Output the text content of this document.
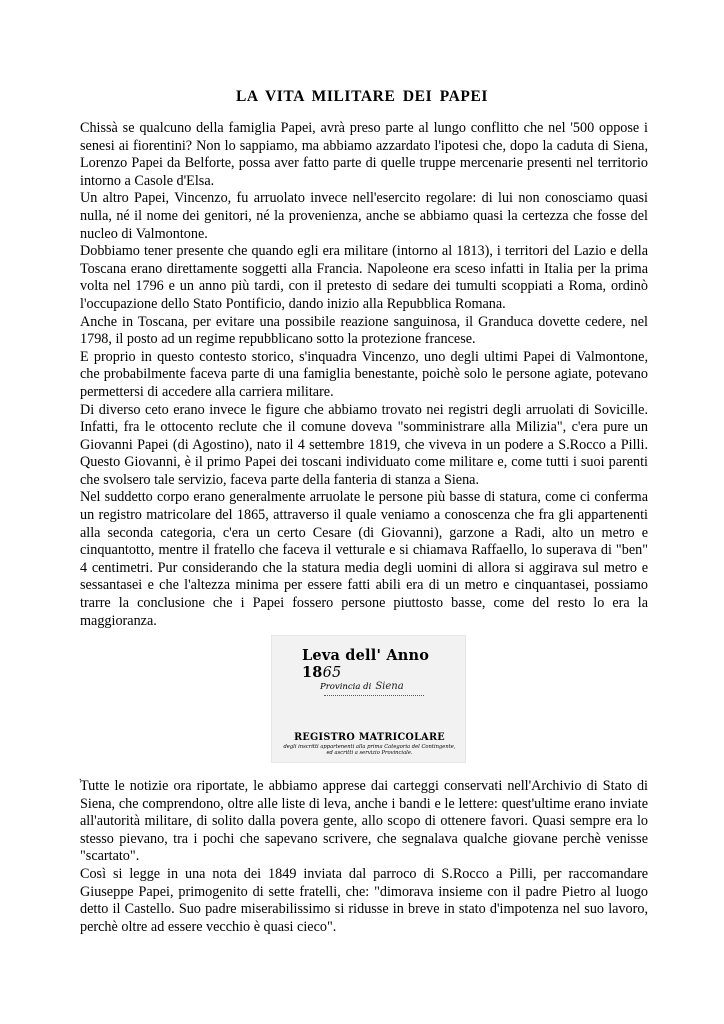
LA VITA MILITARE DEI PAPEI

Chissà se qualcuno della famiglia Papei, avrà preso parte al lungo conflitto che nel '500 oppose i senesi ai fiorentini? Non lo sappiamo, ma abbiamo azzardato l'ipotesi che, dopo la caduta di Siena, Lorenzo Papei da Belforte, possa aver fatto parte di quelle truppe mercenarie presenti nel territorio intorno a Casole d'Elsa.

Un altro Papei, Vincenzo, fu arruolato invece nell'esercito regolare: di lui non conosciamo quasi nulla, né il nome dei genitori, né la provenienza, anche se abbiamo quasi la certezza che fosse del nucleo di Valmontone.

Dobbiamo tener presente che quando egli era militare (intorno al 1813), i territori del Lazio e della Toscana erano direttamente soggetti alla Francia. Napoleone era sceso infatti in Italia per la prima volta nel 1796 e un anno più tardi, con il pretesto di sedare dei tumulti scoppiati a Roma, ordinò l'occupazione dello Stato Pontificio, dando inizio alla Repubblica Romana.

Anche in Toscana, per evitare una possibile reazione sanguinosa, il Granduca dovette cedere, nel 1798, il posto ad un regime repubblicano sotto la protezione francese.

E proprio in questo contesto storico, s'inquadra Vincenzo, uno degli ultimi Papei di Valmontone, che probabilmente faceva parte di una famiglia benestante, poichè solo le persone agiate, potevano permettersi di accedere alla carriera militare.

Di diverso ceto erano invece le figure che abbiamo trovato nei registri degli arruolati di Sovicille. Infatti, fra le ottocento reclute che il comune doveva "somministrare alla Milizia", c'era pure un Giovanni Papei (di Agostino), nato il 4 settembre 1819, che viveva in un podere a S.Rocco a Pilli. Questo Giovanni, è il primo Papei dei toscani individuato come militare e, come tutti i suoi parenti che svolsero tale servizio, faceva parte della fanteria di stanza a Siena.

Nel suddetto corpo erano generalmente arruolate le persone più basse di statura, come ci conferma un registro matricolare del 1865, attraverso il quale veniamo a conoscenza che fra gli appartenenti alla seconda categoria, c'era un certo Cesare (di Giovanni), garzone a Radi, alto un metro e cinquantotto, mentre il fratello che faceva il vetturale e si chiamava Raffaello, lo superava di "ben" 4 centimetri. Pur considerando che la statura media degli uomini di allora si aggirava sul metro e sessantasei e che l'altezza minima per essere fatti abili era di un metro e cinquantasei, possiamo trarre la conclusione che i Papei fossero persone piuttosto basse, come del resto lo era la maggioranza.

Leva dell' Anno 1865
Provincia di Siena
REGISTRO MATRICOLARE
degli inscritti appartenenti alla prima Categoria del Contingente,
ed ascritti a servizio Provinciale.
.

Tutte le notizie ora riportate, le abbiamo apprese dai carteggi conservati nell'Archivio di Stato di Siena, che comprendono, oltre alle liste di leva, anche i bandi e le lettere: quest'ultime erano inviate all'autorità militare, di solito dalla povera gente, allo scopo di ottenere favori. Quasi sempre era lo stesso pievano, tra i pochi che sapevano scrivere, che segnalava qualche giovane perchè venisse "scartato".

Così si legge in una nota dei 1849 inviata dal parroco di S.Rocco a Pilli, per raccomandare Giuseppe Papei, primogenito di sette fratelli, che: "dimorava insieme con il padre Pietro al luogo detto il Castello. Suo padre miserabilissimo si ridusse in breve in stato d'impotenza nel suo lavoro, perchè oltre ad essere vecchio è quasi cieco".
